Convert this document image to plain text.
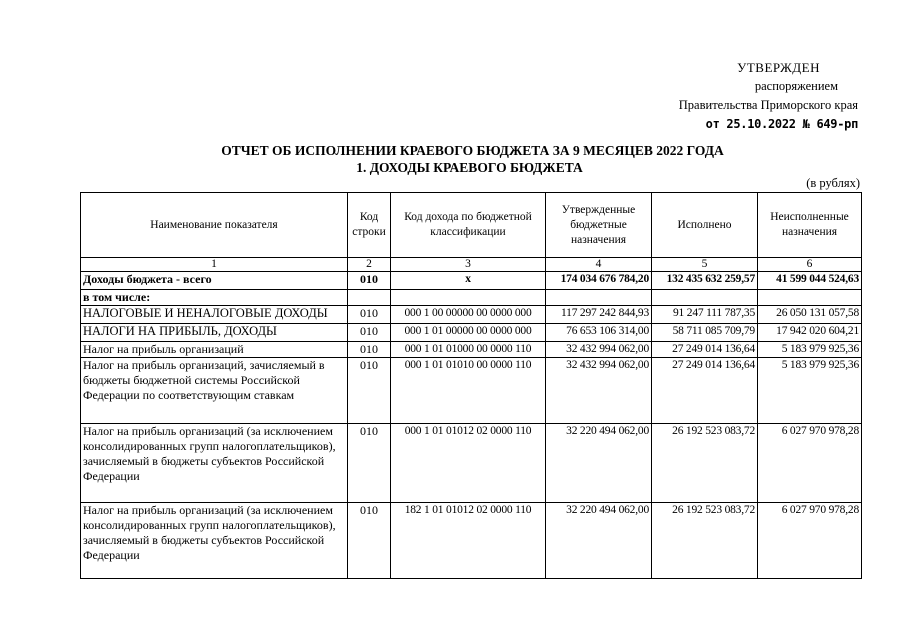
УТВЕРЖДЕН
распоряжением
Правительства Приморского края
от 25.10.2022 № 649-рп
ОТЧЕТ ОБ ИСПОЛНЕНИИ КРАЕВОГО БЮДЖЕТА ЗА 9 МЕСЯЦЕВ 2022 ГОДА
1. ДОХОДЫ КРАЕВОГО БЮДЖЕТА
(в рублях)
Наименование показателя	Код строки	Код дохода по бюджетной классификации	Утвержденные бюджетные назначения	Исполнено	Неисполненные назначения
1	2	3	4	5	6
Доходы бюджета - всего	010	x	174 034 676 784,20	132 435 632 259,57	41 599 044 524,63
в том числе:					
НАЛОГОВЫЕ И НЕНАЛОГОВЫЕ ДОХОДЫ	010	000 1 00 00000 00 0000 000	117 297 242 844,93	91 247 111 787,35	26 050 131 057,58
НАЛОГИ НА ПРИБЫЛЬ, ДОХОДЫ	010	000 1 01 00000 00 0000 000	76 653 106 314,00	58 711 085 709,79	17 942 020 604,21
Налог на прибыль организаций	010	000 1 01 01000 00 0000 110	32 432 994 062,00	27 249 014 136,64	5 183 979 925,36
Налог на прибыль организаций, зачисляемый в бюджеты бюджетной системы Российской Федерации по соответствующим ставкам	010	000 1 01 01010 00 0000 110	32 432 994 062,00	27 249 014 136,64	5 183 979 925,36
Налог на прибыль организаций (за исключением консолидированных групп налогоплательщиков), зачисляемый в бюджеты субъектов Российской Федерации	010	000 1 01 01012 02 0000 110	32 220 494 062,00	26 192 523 083,72	6 027 970 978,28
Налог на прибыль организаций (за исключением консолидированных групп налогоплательщиков), зачисляемый в бюджеты субъектов Российской Федерации	010	182 1 01 01012 02 0000 110	32 220 494 062,00	26 192 523 083,72	6 027 970 978,28
